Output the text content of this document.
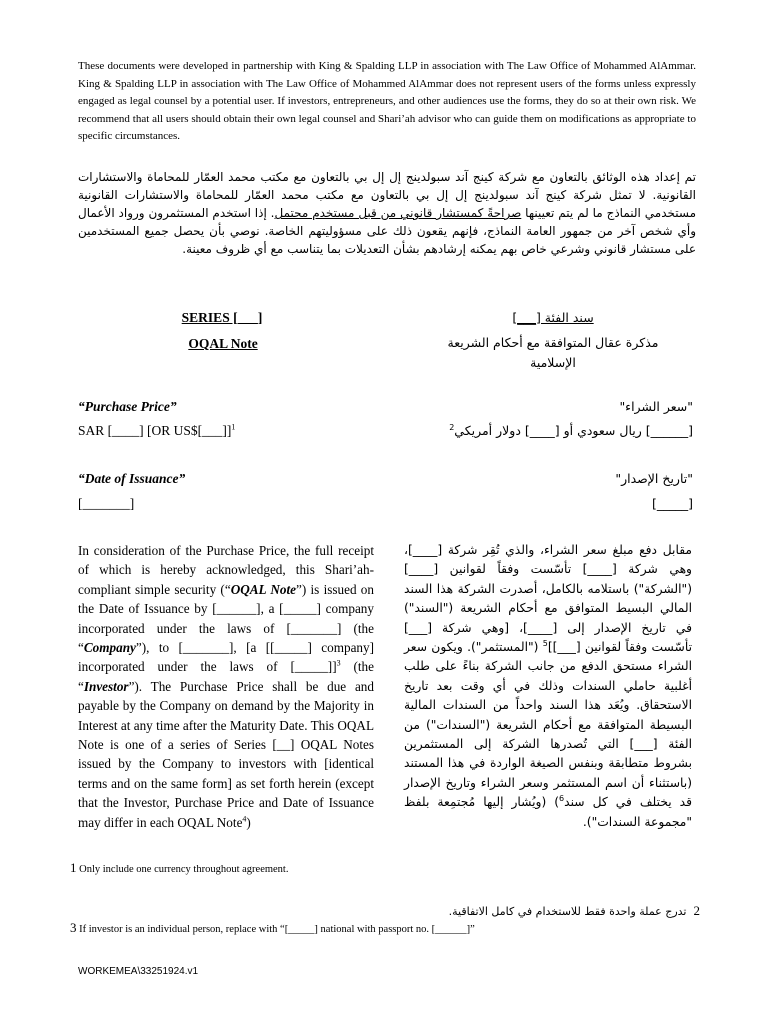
These documents were developed in partnership with King & Spalding LLP in association with The Law Office of Mohammed AlAmmar. King & Spalding LLP in association with The Law Office of Mohammed AlAmmar does not represent users of the forms unless expressly engaged as legal counsel by a potential user. If investors, entrepreneurs, and other audiences use the forms, they do so at their own risk. We recommend that all users should obtain their own legal counsel and Shari’ah advisor who can guide them on modifications as appropriate to specific circumstances.
تم إعداد هذه الوثائق بالتعاون مع شركة كينج آند سبولدينج إل إل بي بالتعاون مع مكتب محمد العمّار للمحاماة والاستشارات القانونية. لا تمثل شركة كينج آند سبولدينج إل إل بي بالتعاون مع مكتب محمد العمّار للمحاماة والاستشارات القانونية مستخدمي النماذج ما لم يتم تعيينها صراحةً كمستشار قانوني من قبل مستخدم محتمل. إذا استخدم المستثمرون ورواد الأعمال وأي شخص آخر من جمهور العامة النماذج، فإنهم يقعون ذلك على مسؤوليتهم الخاصة. نوصي بأن يحصل جميع المستخدمين على مستشار قانوني وشرعي خاص بهم يمكنه إرشادهم بشأن التعديلات بما يتناسب مع أي ظروف معينة.
SERIES [___]
OQAL Note
سند الفئة [___]
مذكرة عقال المتوافقة مع أحكام الشريعة الإسلامية
“Purchase Price”
SAR [____] [OR US$[___]]$^1$
"سعر الشراء"
[______] ريال سعودي أو [____] دولار أمريكي$^2$
“Date of Issuance”
[_______]
"تاريخ الإصدار"
[_____]
In consideration of the Purchase Price, the full receipt of which is hereby acknowledged, this Shari’ah-compliant simple security (“OQAL Note”) is issued on the Date of Issuance by [______], a [_____] company incorporated under the laws of [_______] (the “Company”), to [_______], [a [[_____] company] incorporated under the laws of [_____]]$^3$ (the “Investor”). The Purchase Price shall be due and payable by the Company on demand by the Majority in Interest at any time after the Maturity Date. This OQAL Note is one of a series of Series [__] OQAL Notes issued by the Company to investors with [identical terms and on the same form] as set forth herein (except that the Investor, Purchase Price and Date of Issuance may differ in each OQAL Note$^4$)
مقابل دفع مبلغ سعر الشراء، والذي تُقِر شركة [____]، وهي شركة [____] تأسّست وفقاً لقوانين [____] ("الشركة") باستلامه بالكامل، أصدرت الشركة هذا السند المالي البسيط المتوافق مع أحكام الشريعة ("السند") في تاريخ الإصدار إلى [____]، [وهي شركة [___] تأسّست وفقاً لقوانين [___]]$^5$ ("المستثمر"). ويكون سعر الشراء مستحق الدفع من جانب الشركة بناءً على طلب أغلبية حاملي السندات وذلك في أي وقت بعد تاريخ الاستحقاق. ويُعَد هذا السند واحداً من السندات المالية البسيطة المتوافقة مع أحكام الشريعة ("السندات") من الفئة [___] التي تُصدرها الشركة إلى المستثمرين بشروط متطابقة وبنفس الصيغة الواردة في هذا المستند (باستثناء أن اسم المستثمر وسعر الشراء وتاريخ الإصدار قد يختلف في كل سند$^6$) (ويُشار إليها مُجتمِعة بلفظ "مجموعة السندات").
1 Only include one currency throughout agreement.
2  تدرج عملة واحدة فقط للاستخدام في كامل الاتفاقية.
3 If investor is an individual person, replace with “[_____] national with passport no. [______]”
WORKEMEA\33251924.v1
